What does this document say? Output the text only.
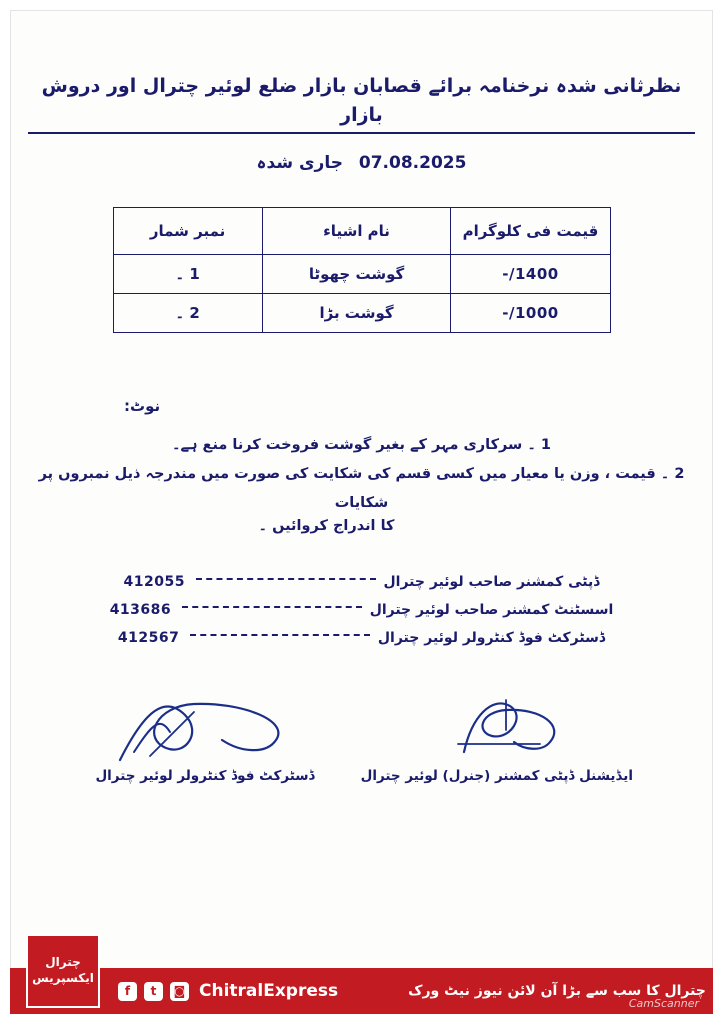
نظرثانی شدہ نرخنامہ برائے قصابان بازار ضلع لوئیر چترال اور دروش بازار
07.08.2025 جاری شدہ
قیمت فی کلوگرام	نام اشیاء	نمبر شمار
1400/-	گوشت چھوٹا	1 ۔
1000/-	گوشت بڑا	2 ۔
نوٹ:
1 ۔ سرکاری مہر کے بغیر گوشت فروخت کرنا منع ہے۔
2 ۔ قیمت ، وزن یا معیار میں کسی قسم کی شکایت کی صورت میں مندرجہ ذیل نمبروں پر شکایات
کا اندراج کروائیں ۔
ڈپٹی کمشنر صاحب لوئیر چترال
412055
اسسٹنٹ کمشنر صاحب لوئیر چترال
413686
ڈسٹرکٹ فوڈ کنٹرولر لوئیر چترال
412567
ڈسٹرکٹ فوڈ کنٹرولر لوئیر چترال	ایڈیشنل ڈپٹی کمشنر (جنرل) لوئیر چترال
چترال ایکسپریس
f	t	◙ ChitralExpress	چترال کا سب سے بڑا آن لائن نیوز نیٹ ورک
CamScanner
